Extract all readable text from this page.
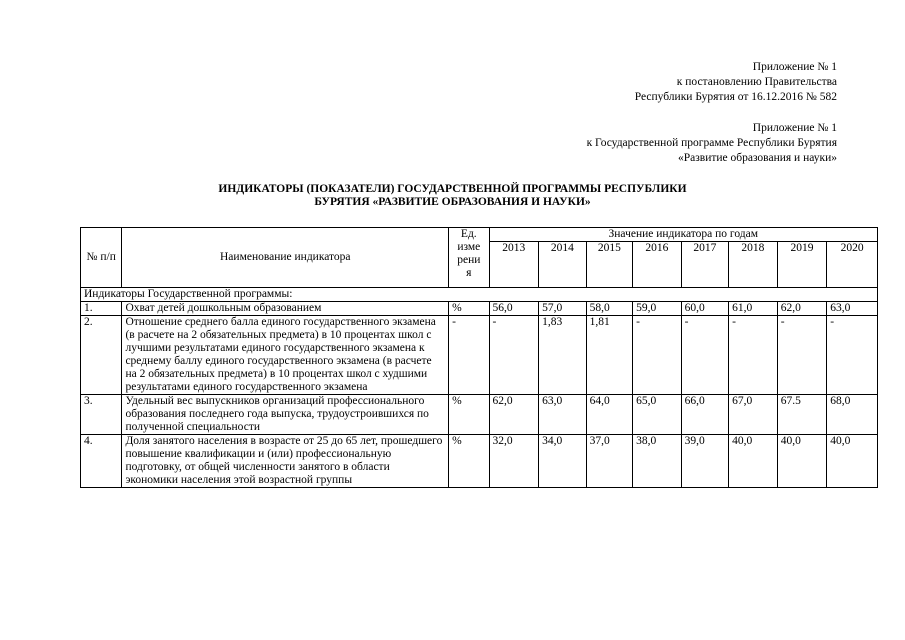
Приложение № 1
к постановлению Правительства
Республики Бурятия от 16.12.2016 № 582
Приложение № 1
к Государственной программе Республики Бурятия
«Развитие образования и науки»
ИНДИКАТОРЫ (ПОКАЗАТЕЛИ) ГОСУДАРСТВЕННОЙ ПРОГРАММЫ РЕСПУБЛИКИ
БУРЯТИЯ «РАЗВИТИЕ ОБРАЗОВАНИЯ И НАУКИ»
№ п/п	Наименование индикатора	Ед.
изме
рени
я	Значение индикатора по годам							
			2013	2014	2015	2016	2017	2018	2019	2020
Индикаторы Государственной программы:										
1.	Охват детей дошкольным образованием	%	56,0	57,0	58,0	59,0	60,0	61,0	62,0	63,0
2.	Отношение среднего балла единого государственного экзамена (в расчете на 2 обязательных предмета) в 10 процентах школ с лучшими результатами единого государственного экзамена к среднему баллу единого государственного экзамена (в расчете на 2 обязательных предмета) в 10 процентах школ с худшими результатами единого государственного экзамена	-	-	1,83	1,81	-	-	-	-	-
3.	Удельный вес выпускников организаций профессионального образования последнего года выпуска, трудоустроившихся по полученной специальности	%	62,0	63,0	64,0	65,0	66,0	67,0	67.5	68,0
4.	Доля занятого населения в возрасте от 25 до 65 лет, прошедшего повышение квалификации и (или) профессиональную подготовку, от общей численности занятого в области экономики населения этой возрастной группы	%	32,0	34,0	37,0	38,0	39,0	40,0	40,0	40,0
